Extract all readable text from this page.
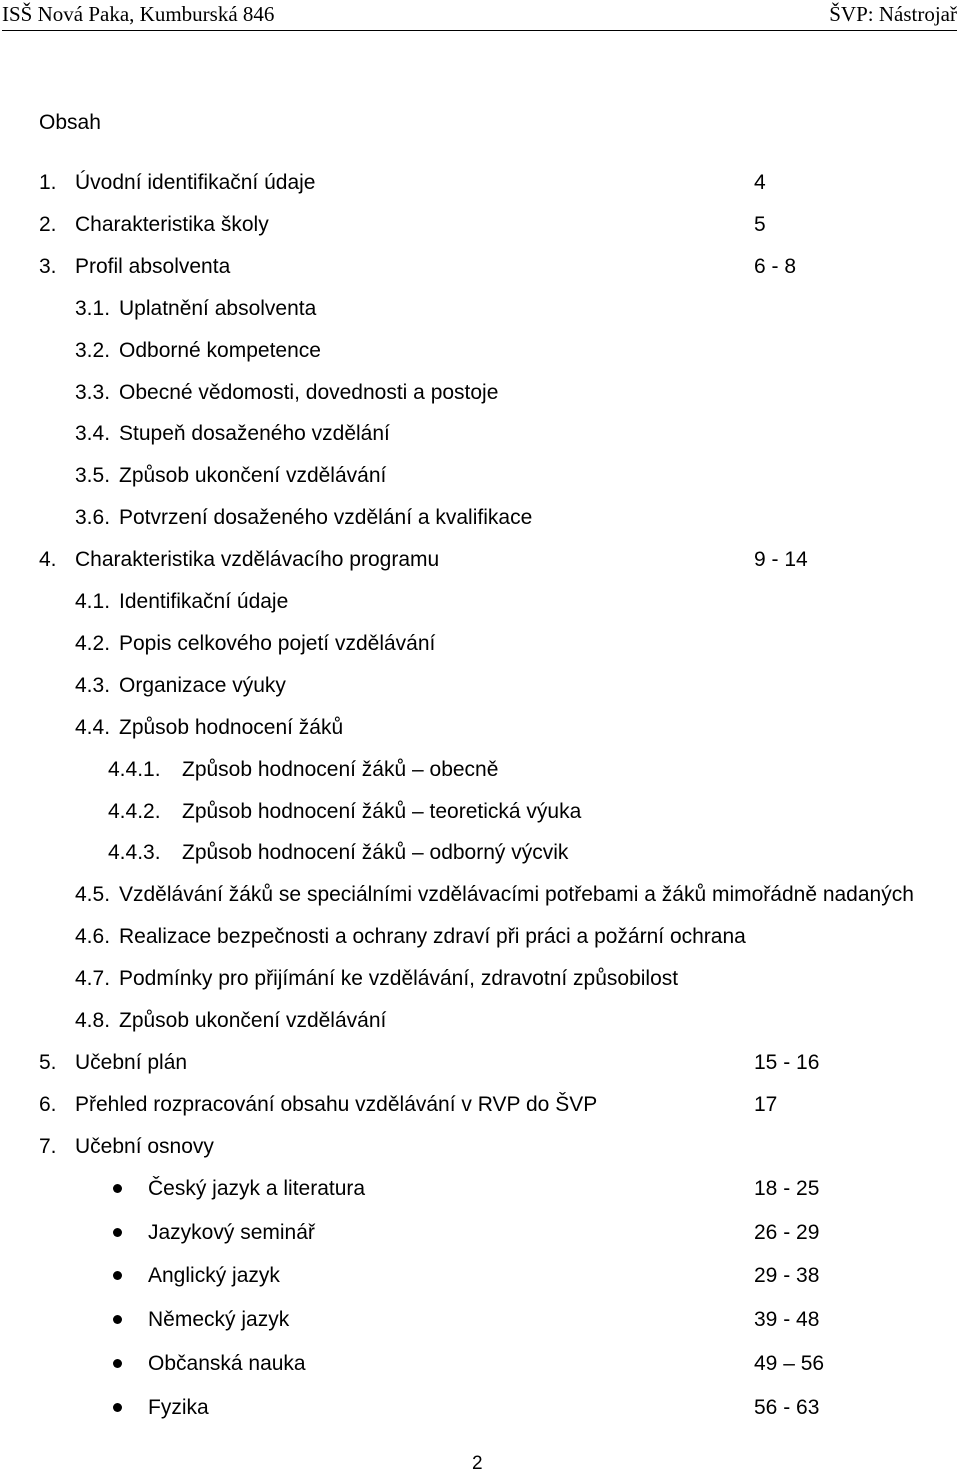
ISŠ Nová Paka, Kumburská 846	ŠVP: Nástrojař
Obsah
1. Úvodní identifikační údaje	4
2. Charakteristika školy	5
3. Profil absolventa	6 - 8
3.1. Uplatnění absolventa
3.2. Odborné kompetence
3.3. Obecné vědomosti, dovednosti a postoje
3.4. Stupeň dosaženého vzdělání
3.5. Způsob ukončení vzdělávání
3.6. Potvrzení dosaženého vzdělání a kvalifikace
4. Charakteristika vzdělávacího programu	9 - 14
4.1. Identifikační údaje
4.2. Popis celkového pojetí vzdělávání
4.3. Organizace výuky
4.4. Způsob hodnocení žáků
4.4.1. Způsob hodnocení žáků – obecně
4.4.2. Způsob hodnocení žáků – teoretická výuka
4.4.3. Způsob hodnocení žáků – odborný výcvik
4.5. Vzdělávání žáků se speciálními vzdělávacími potřebami a žáků mimořádně nadaných
4.6. Realizace bezpečnosti a ochrany zdraví při práci a požární ochrana
4.7. Podmínky pro přijímání ke vzdělávání, zdravotní způsobilost
4.8. Způsob ukončení vzdělávání
5. Učební plán	15 - 16
6. Přehled rozpracování obsahu vzdělávání v RVP do ŠVP	17
7. Učební osnovy
Český jazyk a literatura	18 - 25
Jazykový seminář	26 - 29
Anglický jazyk	29 - 38
Německý jazyk	39 - 48
Občanská nauka	49 – 56
Fyzika	56 - 63
2
